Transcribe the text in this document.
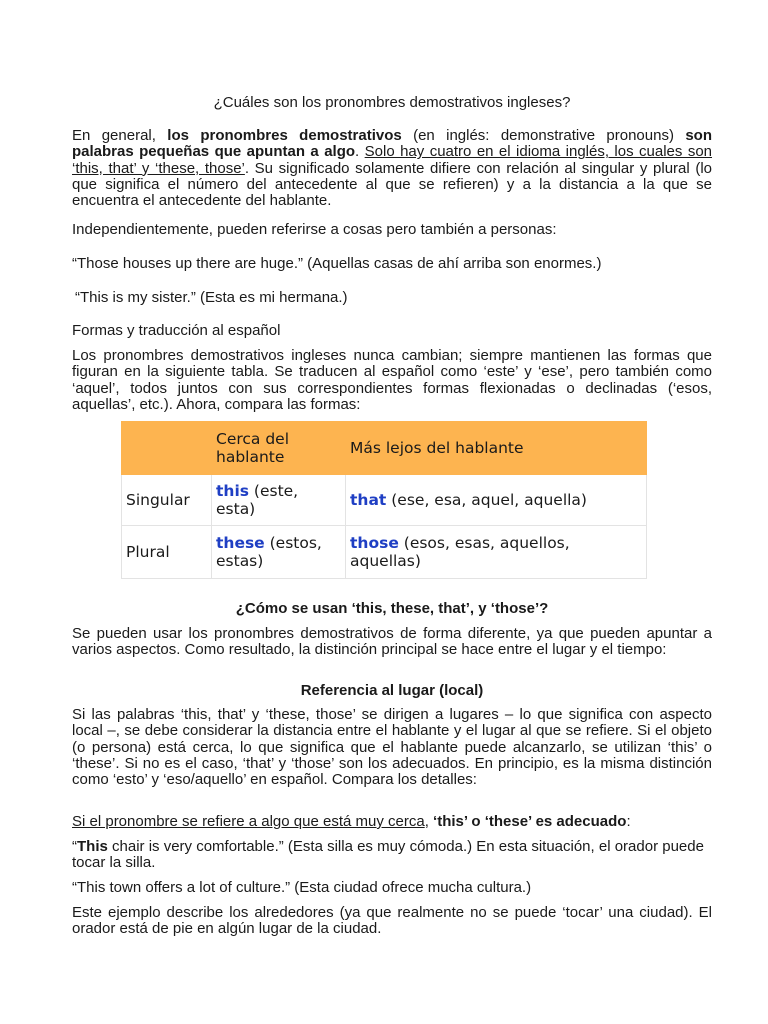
¿Cuáles son los pronombres demostrativos ingleses?

En general, los pronombres demostrativos (en inglés: demonstrative pronouns) son palabras pequeñas que apuntan a algo. Solo hay cuatro en el idioma inglés, los cuales son ‘this, that’ y ‘these, those’. Su significado solamente difiere con relación al singular y plural (lo que significa el número del antecedente al que se refieren) y a la distancia a la que se encuentra el antecedente del hablante.

Independientemente, pueden referirse a cosas pero también a personas:

“Those houses up there are huge.” (Aquellas casas de ahí arriba son enormes.)

“This is my sister.” (Esta es mi hermana.)

Formas y traducción al español

Los pronombres demostrativos ingleses nunca cambian; siempre mantienen las formas que figuran en la siguiente tabla. Se traducen al español como ‘este’ y ‘ese’, pero también como ‘aquel’, todos juntos con sus correspondientes formas flexionadas o declinadas (‘esos, aquellas’, etc.). Ahora, compara las formas:

	Cerca del hablante	Más lejos del hablante
Singular	this (este, esta)	that (ese, esa, aquel, aquella)
Plural	these (estos, estas)	those (esos, esas, aquellos, aquellas)

¿Cómo se usan ‘this, these, that’, y ‘those’?

Se pueden usar los pronombres demostrativos de forma diferente, ya que pueden apuntar a varios aspectos. Como resultado, la distinción principal se hace entre el lugar y el tiempo:

Referencia al lugar (local)

Si las palabras ‘this, that’ y ‘these, those’ se dirigen a lugares – lo que significa con aspecto local –, se debe considerar la distancia entre el hablante y el lugar al que se refiere. Si el objeto (o persona) está cerca, lo que significa que el hablante puede alcanzarlo, se utilizan ‘this’ o ‘these’. Si no es el caso, ‘that’ y ‘those’ son los adecuados. En principio, es la misma distinción como ‘esto’ y ‘eso/aquello’ en español. Compara los detalles:

Si el pronombre se refiere a algo que está muy cerca, ‘this’ o ‘these’ es adecuado:

“This chair is very comfortable.” (Esta silla es muy cómoda.) En esta situación, el orador puede tocar la silla.

“This town offers a lot of culture.” (Esta ciudad ofrece mucha cultura.)

Este ejemplo describe los alrededores (ya que realmente no se puede ‘tocar’ una ciudad). El orador está de pie en algún lugar de la ciudad.
